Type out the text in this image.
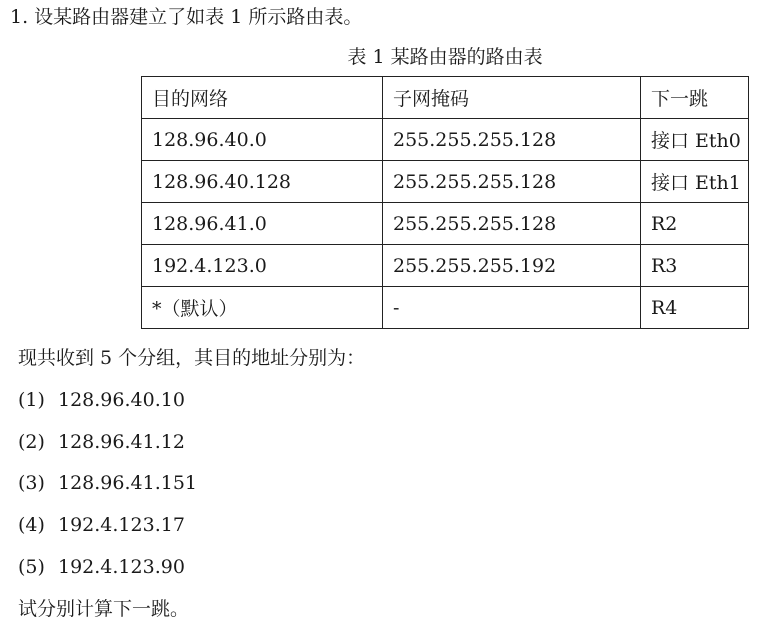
1. 设某路由器建立了如表 1 所示路由表。
表 1 某路由器的路由表
目的网络	子网掩码	下一跳
128.96.40.0	255.255.255.128	接口 Eth0
128.96.40.128	255.255.255.128	接口 Eth1
128.96.41.0	255.255.255.128	R2
192.4.123.0	255.255.255.192	R3
*（默认）	-	R4
现共收到 5 个分组，其目的地址分别为：
(1) 128.96.40.10
(2) 128.96.41.12
(3) 128.96.41.151
(4) 192.4.123.17
(5) 192.4.123.90
试分别计算下一跳。
